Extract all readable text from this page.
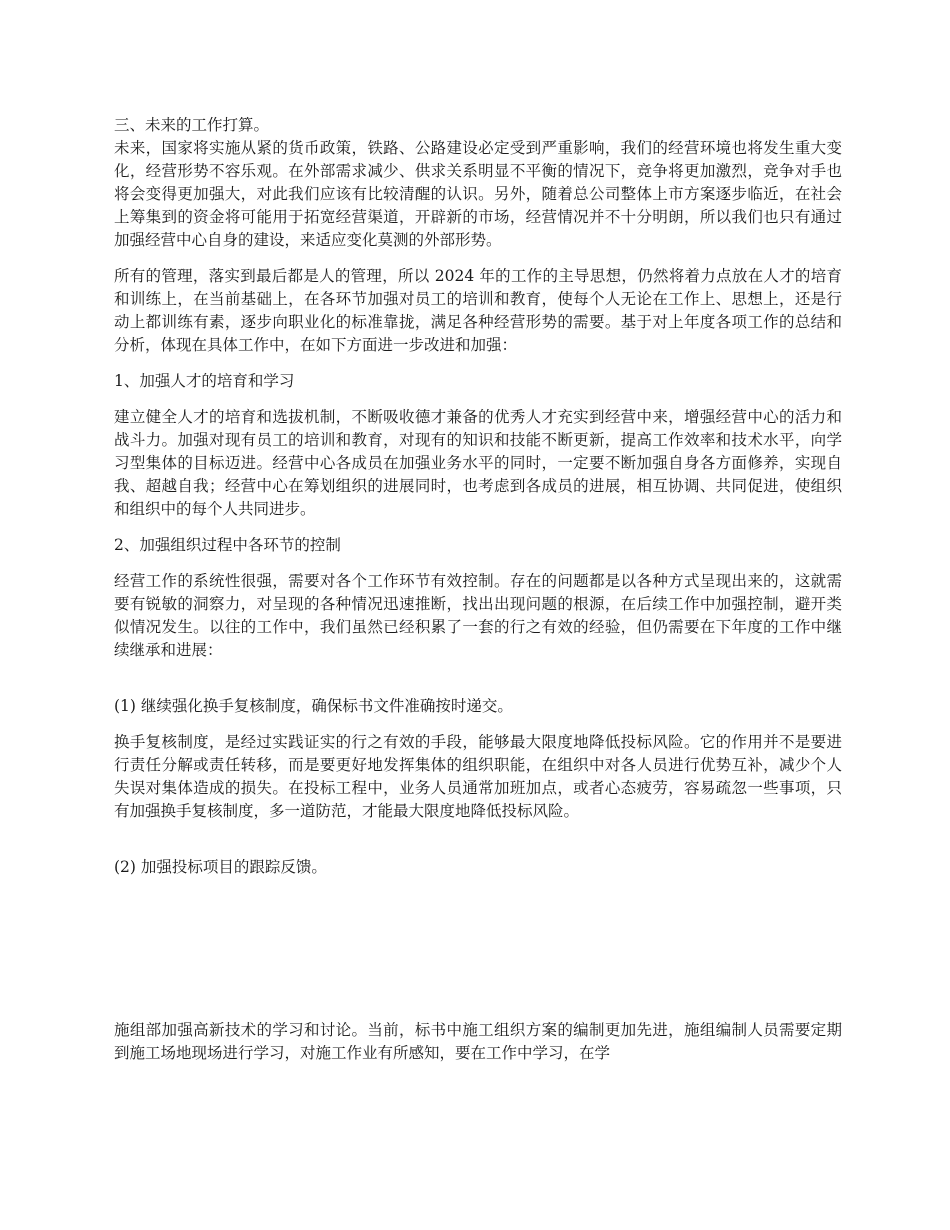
三、未来的工作打算。

未来，国家将实施从紧的货币政策，铁路、公路建设必定受到严重影响，我们的经营环境也将发生重大变化，经营形势不容乐观。在外部需求减少、供求关系明显不平衡的情况下，竞争将更加激烈，竞争对手也将会变得更加强大，对此我们应该有比较清醒的认识。另外，随着总公司整体上市方案逐步临近，在社会上筹集到的资金将可能用于拓宽经营渠道，开辟新的市场，经营情况并不十分明朗，所以我们也只有通过加强经营中心自身的建设，来适应变化莫测的外部形势。

所有的管理，落实到最后都是人的管理，所以 2024 年的工作的主导思想，仍然将着力点放在人才的培育和训练上，在当前基础上，在各环节加强对员工的培训和教育，使每个人无论在工作上、思想上，还是行动上都训练有素，逐步向职业化的标准靠拢，满足各种经营形势的需要。基于对上年度各项工作的总结和分析，体现在具体工作中，在如下方面进一步改进和加强：

1、加强人才的培育和学习

建立健全人才的培育和选拔机制，不断吸收德才兼备的优秀人才充实到经营中来，增强经营中心的活力和战斗力。加强对现有员工的培训和教育，对现有的知识和技能不断更新，提高工作效率和技术水平，向学习型集体的目标迈进。经营中心各成员在加强业务水平的同时，一定要不断加强自身各方面修养，实现自我、超越自我；经营中心在筹划组织的进展同时，也考虑到各成员的进展，相互协调、共同促进，使组织和组织中的每个人共同进步。

2、加强组织过程中各环节的控制

经营工作的系统性很强，需要对各个工作环节有效控制。存在的问题都是以各种方式呈现出来的，这就需要有锐敏的洞察力，对呈现的各种情况迅速推断，找出出现问题的根源，在后续工作中加强控制，避开类似情况发生。以往的工作中，我们虽然已经积累了一套的行之有效的经验，但仍需要在下年度的工作中继续继承和进展：

(1) 继续强化换手复核制度，确保标书文件准确按时递交。

换手复核制度，是经过实践证实的行之有效的手段，能够最大限度地降低投标风险。它的作用并不是要进行责任分解或责任转移，而是要更好地发挥集体的组织职能，在组织中对各人员进行优势互补，减少个人失误对集体造成的损失。在投标工程中，业务人员通常加班加点，或者心态疲劳，容易疏忽一些事项，只有加强换手复核制度，多一道防范，才能最大限度地降低投标风险。

(2) 加强投标项目的跟踪反馈。

施组部加强高新技术的学习和讨论。当前，标书中施工组织方案的编制更加先进，施组编制人员需要定期到施工场地现场进行学习，对施工作业有所感知，要在工作中学习，在学
